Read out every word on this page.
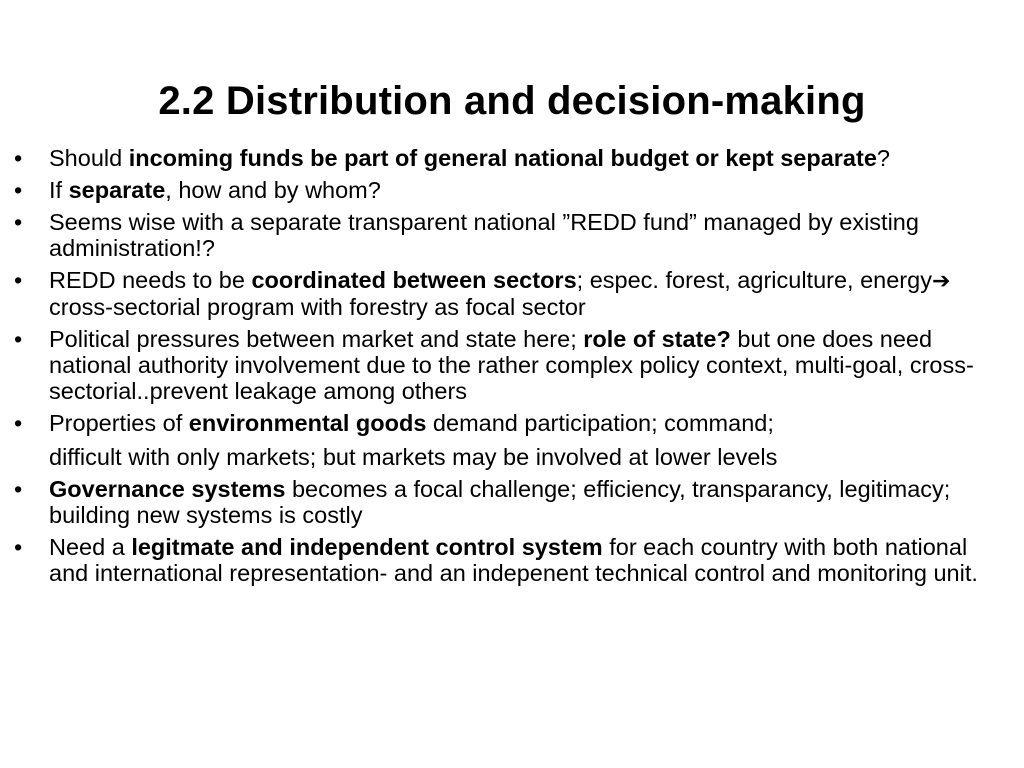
2.2 Distribution and decision-making
•	Should incoming funds be part of general national budget or kept separate?
•	If separate, how and by whom?
•	Seems wise with a separate transparent national ”REDD fund” managed by existing administration!?
•	REDD needs to be coordinated between sectors; espec. forest, agriculture, energy➔ cross-sectorial program with forestry as focal sector
•	Political pressures between market and state here; role of state? but one does need national authority involvement due to the rather complex policy context, multi-goal, cross-sectorial..prevent leakage among others
•	Properties of environmental goods demand participation; command;
difficult with only markets; but markets may be involved at lower levels
•	Governance systems becomes a focal challenge; efficiency, transparancy, legitimacy; building new systems is costly
•	Need a legitmate and independent control system for each country with both national and international representation- and an indepenent technical control and monitoring unit.
